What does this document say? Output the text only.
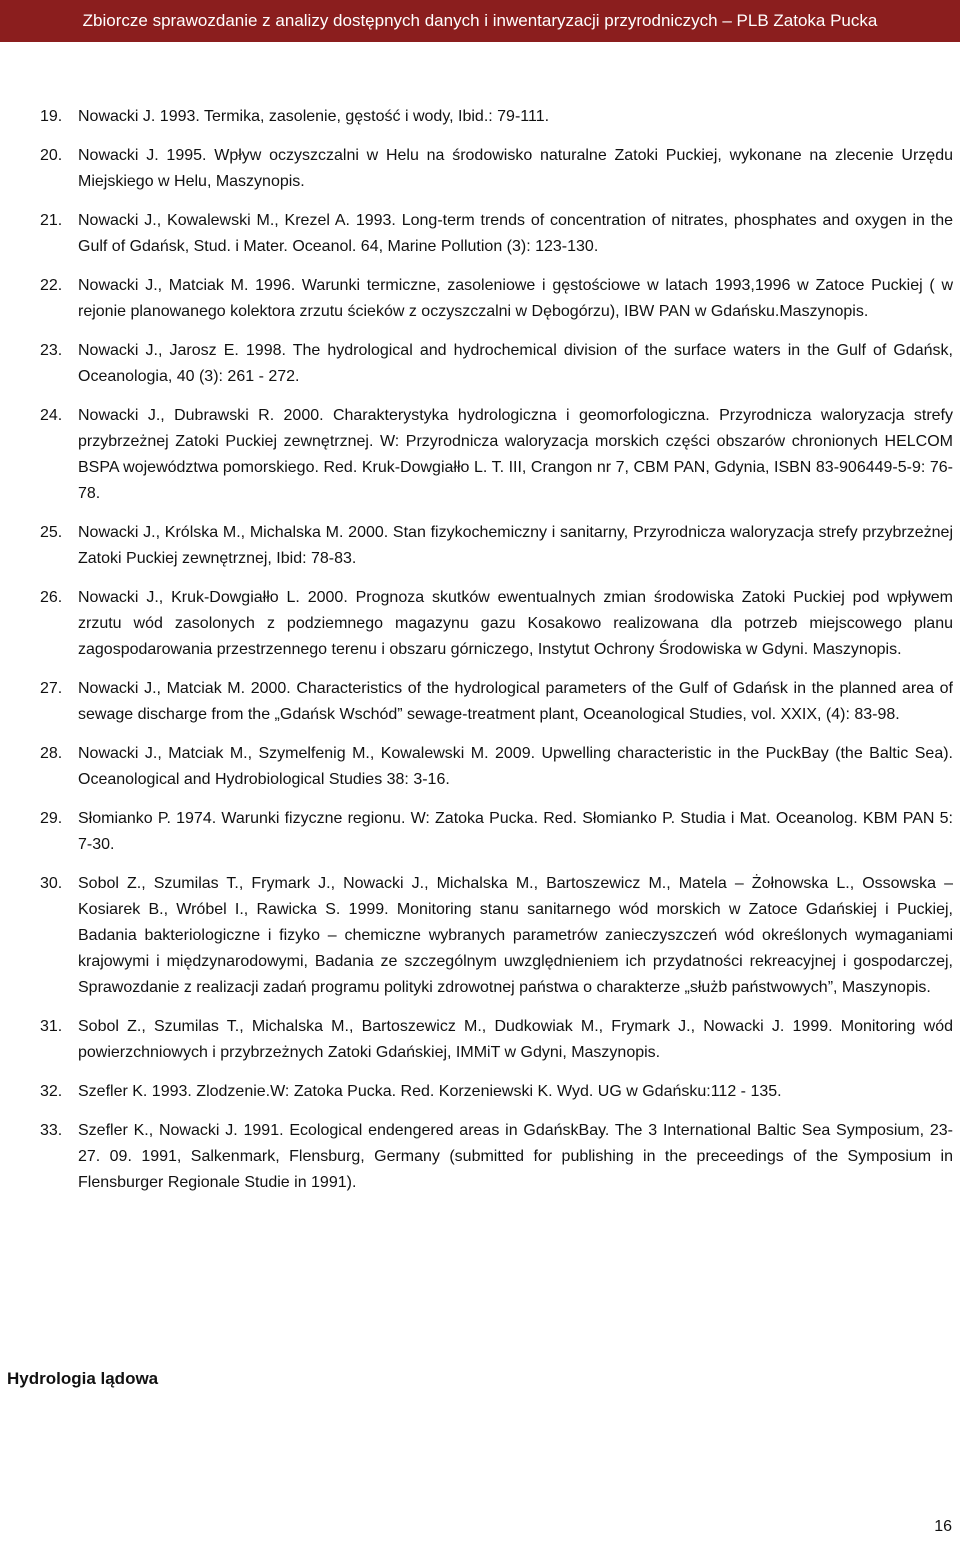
Zbiorcze sprawozdanie z analizy dostępnych danych i inwentaryzacji przyrodniczych – PLB Zatoka Pucka
19. Nowacki J. 1993. Termika, zasolenie, gęstość i wody, Ibid.: 79-111.
20. Nowacki J. 1995. Wpływ oczyszczalni w Helu na środowisko naturalne Zatoki Puckiej, wykonane na zlecenie Urzędu Miejskiego w Helu, Maszynopis.
21. Nowacki J., Kowalewski M., Krezel A. 1993. Long-term trends of concentration of nitrates, phosphates and oxygen in the Gulf of Gdańsk, Stud. i Mater. Oceanol. 64, Marine Pollution (3): 123-130.
22. Nowacki J., Matciak M. 1996. Warunki termiczne, zasoleniowe i gęstościowe w latach 1993,1996 w Zatoce Puckiej ( w rejonie planowanego kolektora zrzutu ścieków z oczyszczalni w Dębogórzu), IBW PAN w Gdańsku.Maszynopis.
23. Nowacki J., Jarosz E. 1998. The hydrological and hydrochemical division of the surface waters in the Gulf of Gdańsk, Oceanologia, 40 (3): 261 - 272.
24. Nowacki J., Dubrawski R. 2000. Charakterystyka hydrologiczna i geomorfologiczna. Przyrodnicza waloryzacja strefy przybrzeżnej Zatoki Puckiej zewnętrznej. W: Przyrodnicza waloryzacja morskich części obszarów chronionych HELCOM BSPA województwa pomorskiego. Red. Kruk-Dowgiałło L. T. III, Crangon nr 7, CBM PAN, Gdynia, ISBN 83-906449-5-9: 76-78.
25. Nowacki J., Królska M., Michalska M. 2000. Stan fizykochemiczny i sanitarny, Przyrodnicza waloryzacja strefy przybrzeżnej Zatoki Puckiej zewnętrznej, Ibid: 78-83.
26. Nowacki J., Kruk-Dowgiałło L. 2000. Prognoza skutków ewentualnych zmian środowiska Zatoki Puckiej pod wpływem zrzutu wód zasolonych z podziemnego magazynu gazu Kosakowo realizowana dla potrzeb miejscowego planu zagospodarowania przestrzennego terenu i obszaru górniczego, Instytut Ochrony Środowiska w Gdyni. Maszynopis.
27. Nowacki J., Matciak M. 2000. Characteristics of the hydrological parameters of the Gulf of Gdańsk in the planned area of sewage discharge from the „Gdańsk Wschód” sewage-treatment plant, Oceanological Studies, vol. XXIX, (4): 83-98.
28. Nowacki J., Matciak M., Szymelfenig M., Kowalewski M. 2009. Upwelling characteristic in the PuckBay (the Baltic Sea). Oceanological and Hydrobiological Studies 38: 3-16.
29. Słomianko P. 1974. Warunki fizyczne regionu. W: Zatoka Pucka. Red. Słomianko P. Studia i Mat. Oceanolog. KBM PAN 5: 7-30.
30. Sobol Z., Szumilas T., Frymark J., Nowacki J., Michalska M., Bartoszewicz M., Matela – Żołnowska L., Ossowska – Kosiarek B., Wróbel I., Rawicka S. 1999. Monitoring stanu sanitarnego wód morskich w Zatoce Gdańskiej i Puckiej, Badania bakteriologiczne i fizyko – chemiczne wybranych parametrów zanieczyszczeń wód określonych wymaganiami krajowymi i międzynarodowymi, Badania ze szczególnym uwzględnieniem ich przydatności rekreacyjnej i gospodarczej, Sprawozdanie z realizacji zadań programu polityki zdrowotnej państwa o charakterze „służb państwowych”, Maszynopis.
31. Sobol Z., Szumilas T., Michalska M., Bartoszewicz M., Dudkowiak M., Frymark J., Nowacki J. 1999. Monitoring wód powierzchniowych i przybrzeżnych Zatoki Gdańskiej, IMMiT w Gdyni, Maszynopis.
32. Szefler K. 1993. Zlodzenie.W: Zatoka Pucka. Red. Korzeniewski K. Wyd. UG w Gdańsku:112 - 135.
33. Szefler K., Nowacki J. 1991. Ecological endengered areas in GdańskBay. The 3 International Baltic Sea Symposium, 23-27. 09. 1991, Salkenmark, Flensburg, Germany (submitted for publishing in the preceedings of the Symposium in Flensburger Regionale Studie in 1991).
Hydrologia lądowa
16
